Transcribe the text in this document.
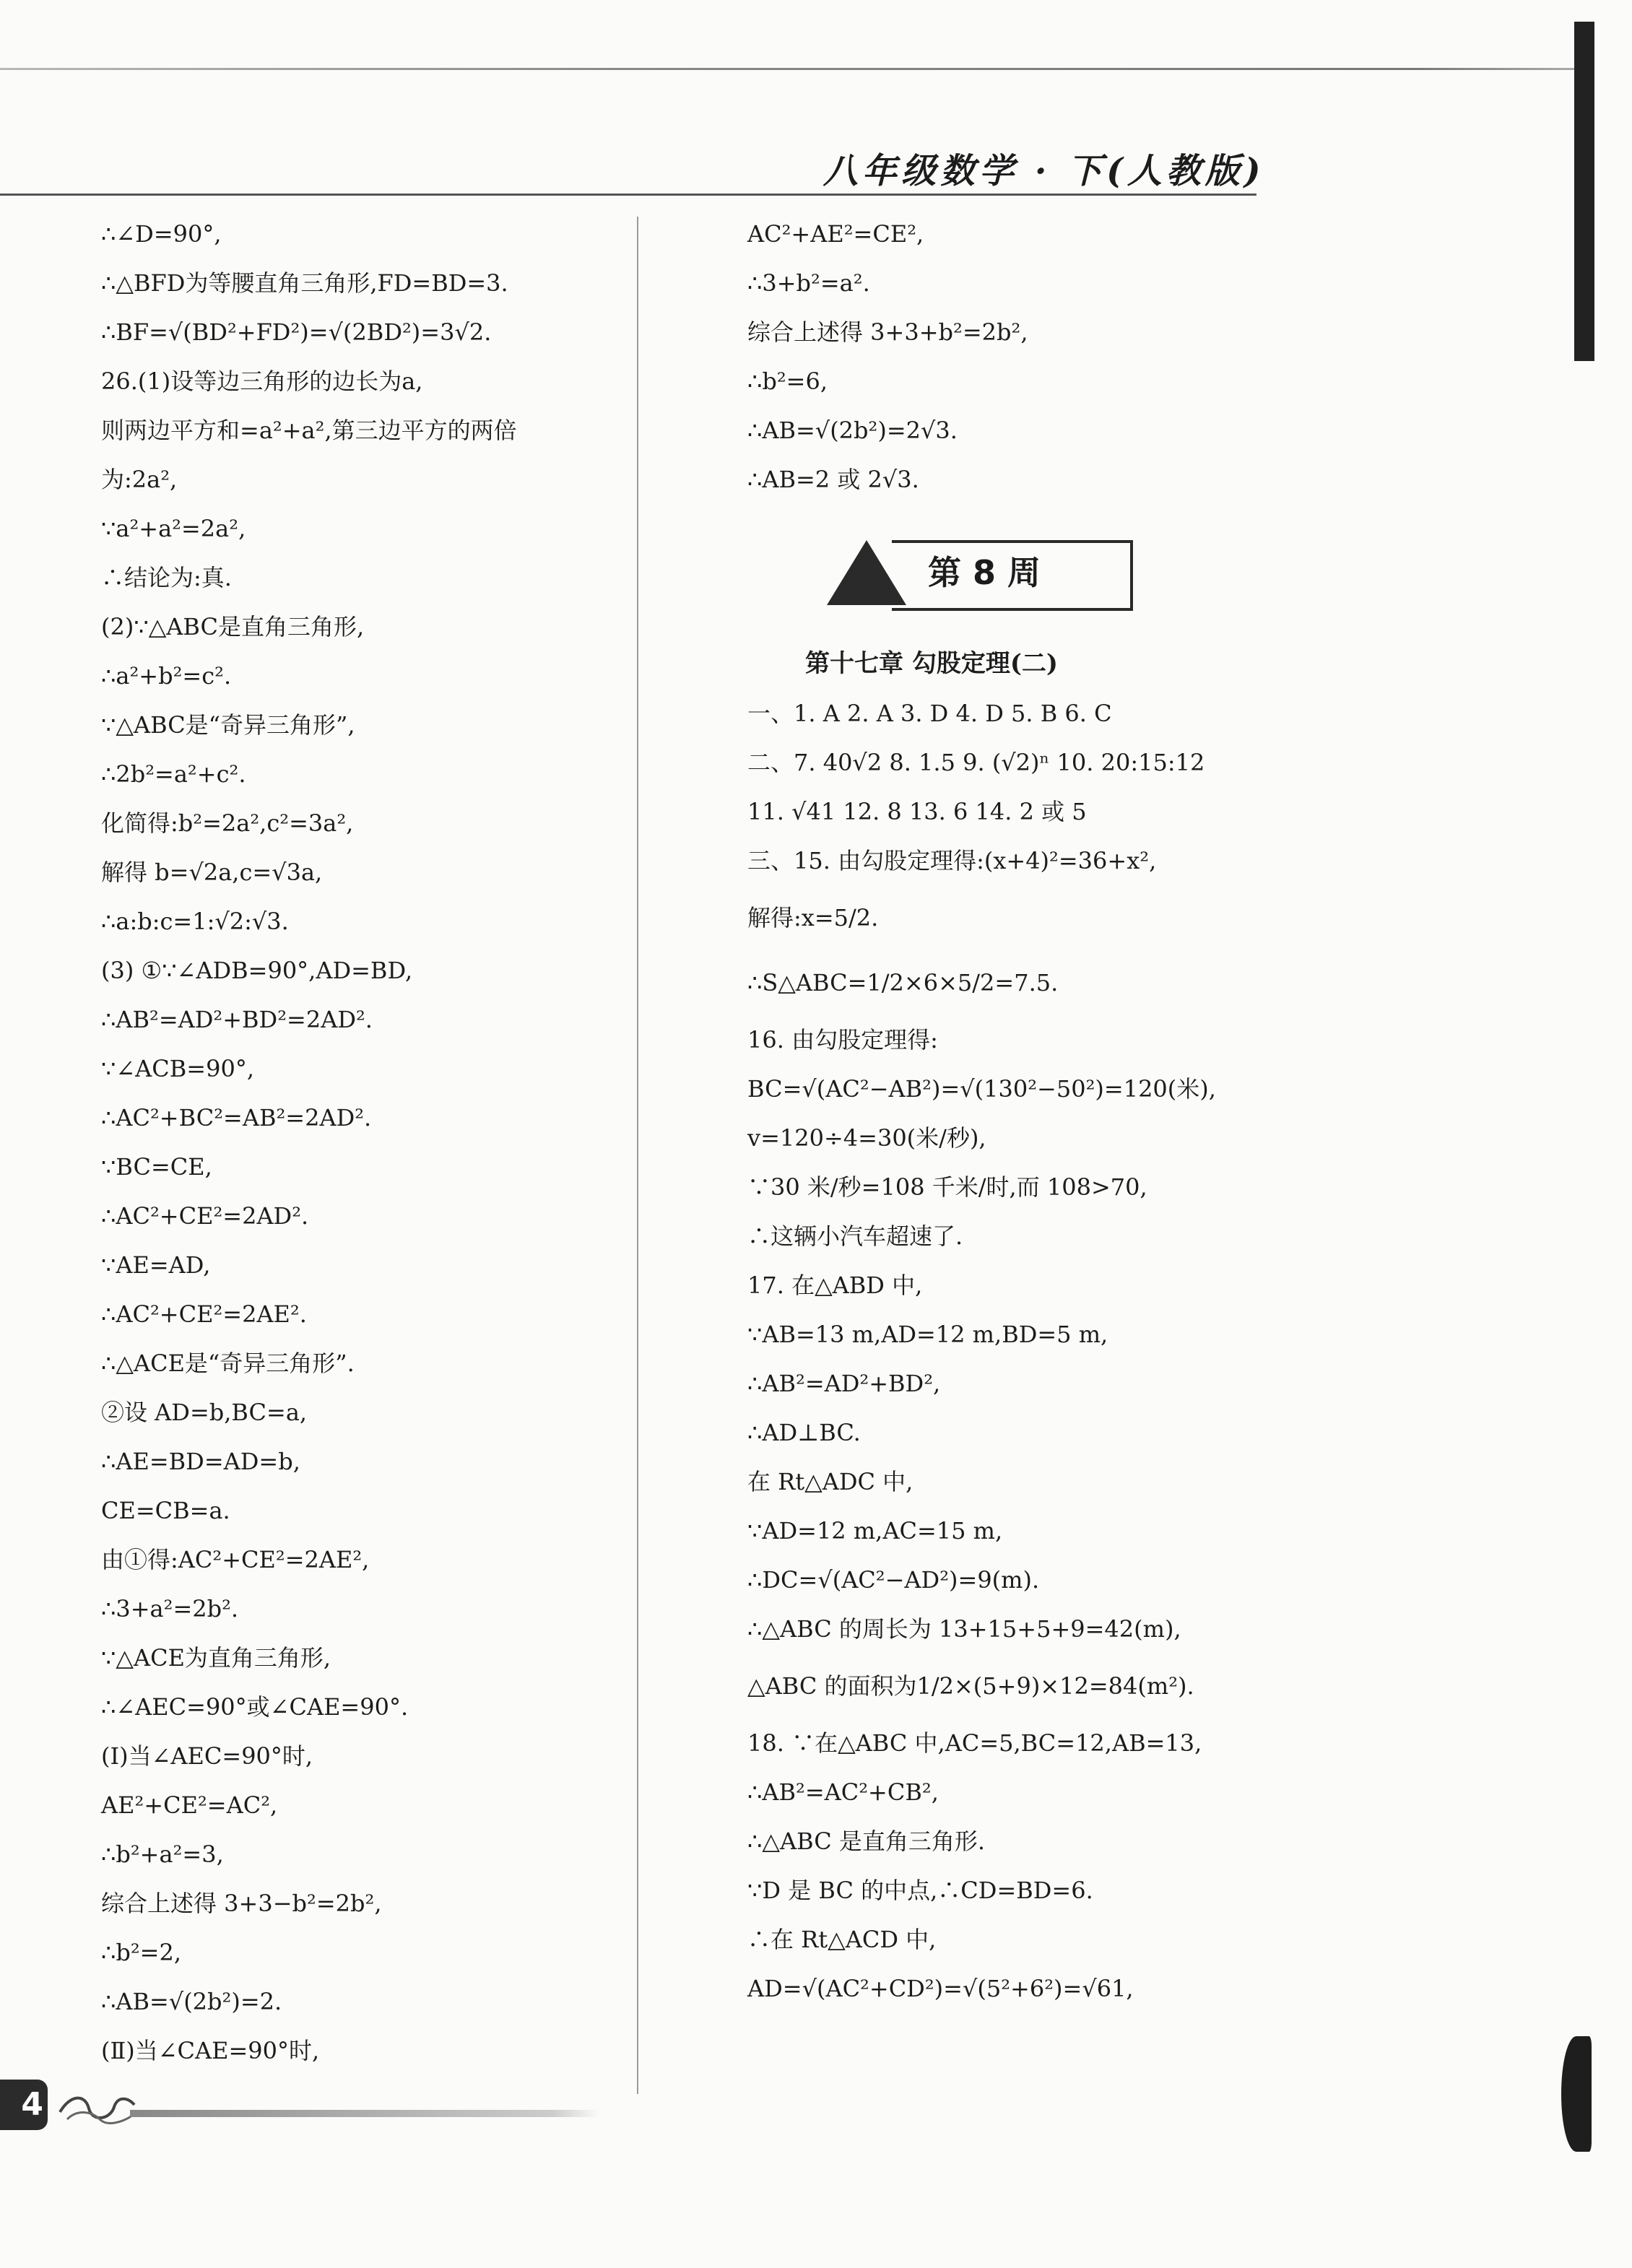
八年级数学 · 下(人教版)
∴∠D=90°,
∴△BFD为等腰直角三角形,FD=BD=3.
∴BF=√(BD²+FD²)=√(2BD²)=3√2.
26.(1)设等边三角形的边长为a,
则两边平方和=a²+a²,第三边平方的两倍
为:2a²,
∵a²+a²=2a²,
∴结论为:真.
(2)∵△ABC是直角三角形,
∴a²+b²=c².
∵△ABC是“奇异三角形”,
∴2b²=a²+c².
化简得:b²=2a²,c²=3a²,
解得 b=√2a,c=√3a,
∴a:b:c=1:√2:√3.
(3) ①∵∠ADB=90°,AD=BD,
∴AB²=AD²+BD²=2AD².
∵∠ACB=90°,
∴AC²+BC²=AB²=2AD².
∵BC=CE,
∴AC²+CE²=2AD².
∵AE=AD,
∴AC²+CE²=2AE².
∴△ACE是“奇异三角形”.
②设 AD=b,BC=a,
∴AE=BD=AD=b,
CE=CB=a.
由①得:AC²+CE²=2AE²,
∴3+a²=2b².
∵△ACE为直角三角形,
∴∠AEC=90°或∠CAE=90°.
(Ⅰ)当∠AEC=90°时,
AE²+CE²=AC²,
∴b²+a²=3,
综合上述得 3+3−b²=2b²,
∴b²=2,
∴AB=√(2b²)=2.
(Ⅱ)当∠CAE=90°时,
AC²+AE²=CE²,
∴3+b²=a².
综合上述得 3+3+b²=2b²,
∴b²=6,
∴AB=√(2b²)=2√3.
∴AB=2 或 2√3.
第 8 周
第十七章 勾股定理(二)
一、1. A 2. A 3. D 4. D 5. B 6. C
二、7. 40√2 8. 1.5 9. (√2)ⁿ 10. 20:15:12
11. √41 12. 8 13. 6 14. 2 或 5
三、15. 由勾股定理得:(x+4)²=36+x²,
解得:x=5/2.
∴S△ABC=1/2×6×5/2=7.5.
16. 由勾股定理得:
BC=√(AC²−AB²)=√(130²−50²)=120(米),
v=120÷4=30(米/秒),
∵30 米/秒=108 千米/时,而 108>70,
∴这辆小汽车超速了.
17. 在△ABD 中,
∵AB=13 m,AD=12 m,BD=5 m,
∴AB²=AD²+BD²,
∴AD⊥BC.
在 Rt△ADC 中,
∵AD=12 m,AC=15 m,
∴DC=√(AC²−AD²)=9(m).
∴△ABC 的周长为 13+15+5+9=42(m),
△ABC 的面积为1/2×(5+9)×12=84(m²).
18. ∵在△ABC 中,AC=5,BC=12,AB=13,
∴AB²=AC²+CB²,
∴△ABC 是直角三角形.
∵D 是 BC 的中点,∴CD=BD=6.
∴在 Rt△ACD 中,
AD=√(AC²+CD²)=√(5²+6²)=√61,
4
